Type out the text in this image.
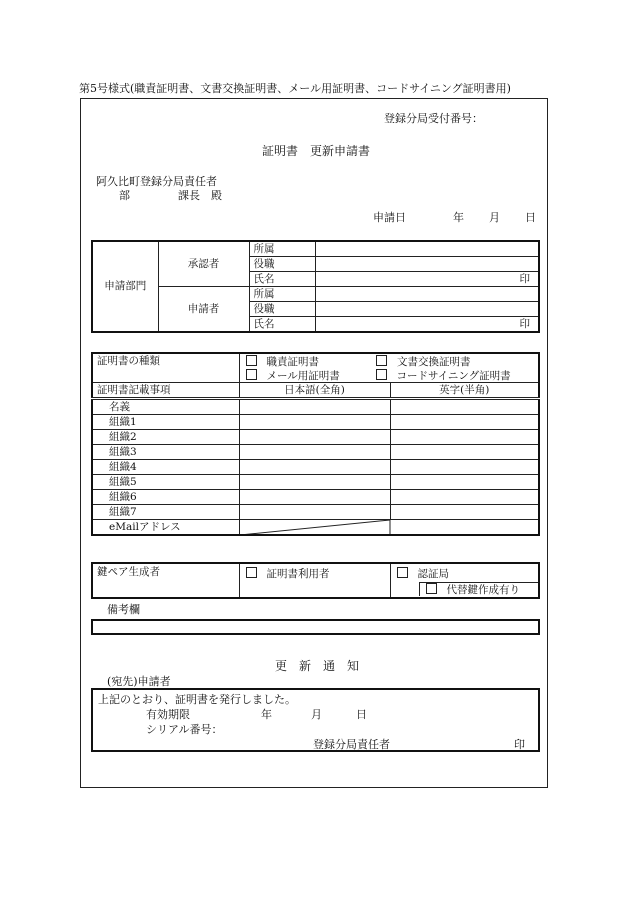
第5号様式(職責証明書、文書交換証明書、メール用証明書、コードサイニング証明書用)
登録分局受付番号：
証明書　更新申請書
阿久比町登録分局責任者
部	課長　殿
申請日	年 月 日
申請部門	承認者	所属	
		役職	
		氏名	印
	申請者	所属	
		役職	
		氏名	印
証明書の種類	職責証明書 文書交換証明書	

	メール用証明書 コードサイニング証明書	

証明書記載事項	日本語(全角)	英字(半角)
名義		
組織1		
組織2		
組織3		
組織4		
組織5		
組織6		
組織7		
eMailアドレス	
鍵ペア生成者	証明書利用者	認証局

代替鍵作成有り
備考欄
更　新　通　知
(宛先)申請者
上記のとおり、証明書を発行しました。
有効期限	年	月	日
シリアル番号：
登録分局責任者	印
